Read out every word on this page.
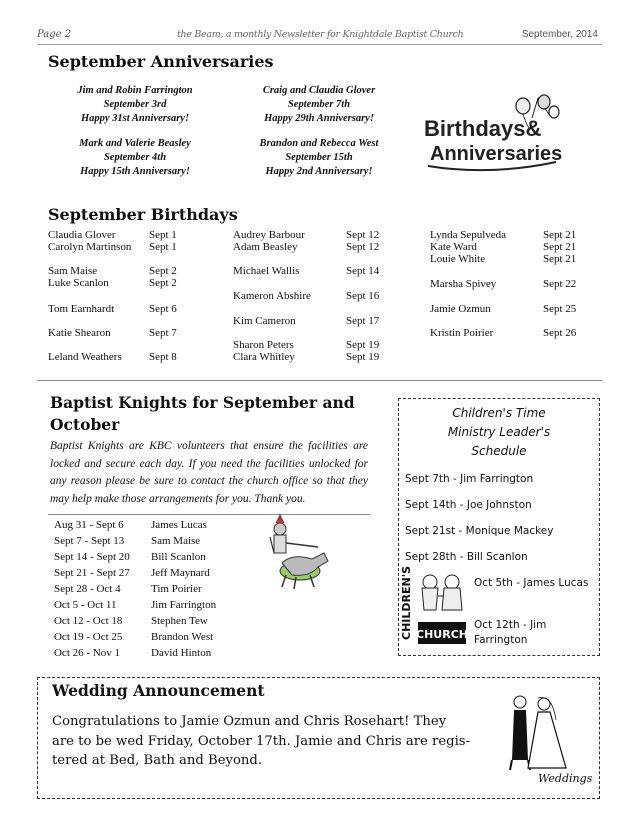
Page 2	the Beam, a monthly Newsletter for Knightdale Baptist Church	September, 2014
September Anniversaries
Jim and Robin Farrington
September 3rd
Happy 31st Anniversary!
Craig and Claudia Glover
September 7th
Happy 29th Anniversary!
Mark and Valerie Beasley
September 4th
Happy 15th Anniversary!
Brandon and Rebecca West
September 15th
Happy 2nd Anniversary!
Birthdays&
Anniversaries
September Birthdays
Claudia Glover	Sept 1
Carolyn Martinson Sept 1
Sam Maise	Sept 2
Luke Scanlon	Sept 2
Tom Earnhardt	Sept 6
Katie Shearon	Sept 7
Leland Weathers Sept 8
Audrey Barbour	Sept 12
Adam Beasley	Sept 12
Michael Wallis	Sept 14
Kameron Abshire	Sept 16
Kim Cameron	Sept 17
Sharon Peters	Sept 19
Clara Whitley	Sept 19
Lynda Sepulveda	Sept 21
Kate Ward	Sept 21
Louie White	Sept 21
Marsha Spivey	Sept 22
Jamie Ozmun	Sept 25
Kristin Poirier	Sept 26
Baptist Knights for September and October
Baptist Knights are KBC volunteers that ensure the facilities are locked and secure each day. If you need the facilities unlocked for any reason please be sure to contact the church office so that they may help make those arrangements for you. Thank you.
Aug 31 - Sept 6 James Lucas
Sept 7 - Sept 13 Sam Maise
Sept 14 - Sept 20 Bill Scanlon
Sept 21 - Sept 27 Jeff Maynard
Sept 28 - Oct 4	Tim Poirier
Oct 5 - Oct 11	Jim Farrington
Oct 12 - Oct 18	Stephen Tew
Oct 19 - Oct 25	Brandon West
Oct 26 - Nov 1	David Hinton
Children's Time
Ministry Leader's
Schedule
Sept 7th - Jim Farrington
Sept 14th - Joe Johnston
Sept 21st - Monique Mackey
Sept 28th - Bill Scanlon
Oct 5th - James Lucas
Oct 12th - Jim Farrington
CHILDREN'S CHURCH
Wedding Announcement
Congratulations to Jamie Ozmun and Chris Rosehart! They
are to be wed Friday, October 17th. Jamie and Chris are regis-
tered at Bed, Bath and Beyond.
Weddings
